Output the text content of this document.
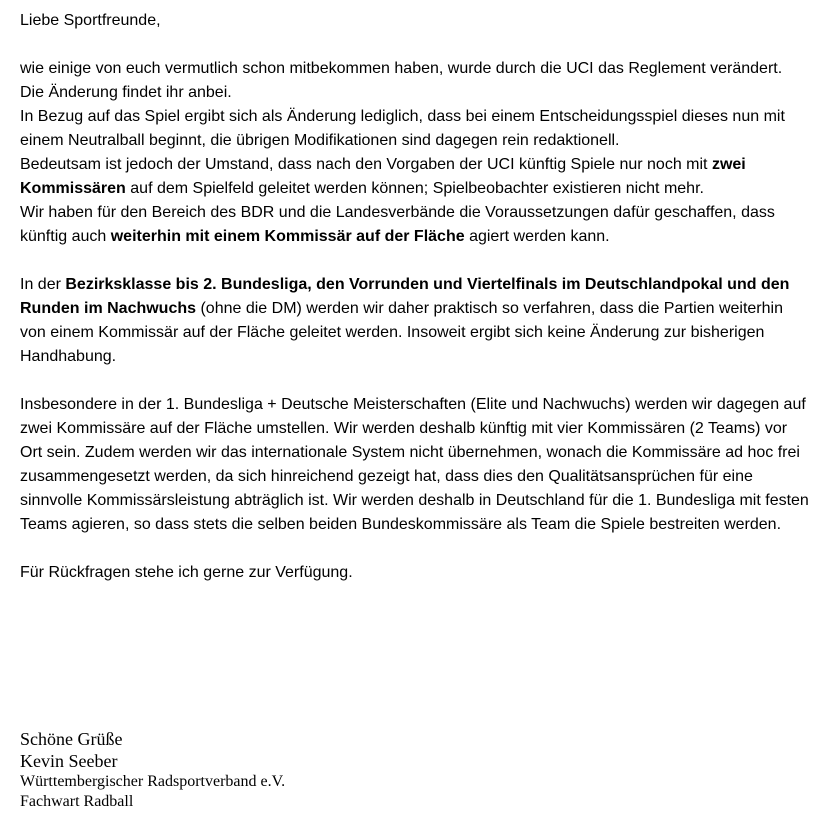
Liebe Sportfreunde,

wie einige von euch vermutlich schon mitbekommen haben, wurde durch die UCI das Reglement verändert. Die Änderung findet ihr anbei.

In Bezug auf das Spiel ergibt sich als Änderung lediglich, dass bei einem Entscheidungsspiel dieses nun mit einem Neutralball beginnt, die übrigen Modifikationen sind dagegen rein redaktionell.

Bedeutsam ist jedoch der Umstand, dass nach den Vorgaben der UCI künftig Spiele nur noch mit zwei Kommissären auf dem Spielfeld geleitet werden können; Spielbeobachter existieren nicht mehr.

Wir haben für den Bereich des BDR und die Landesverbände die Voraussetzungen dafür geschaffen, dass künftig auch weiterhin mit einem Kommissär auf der Fläche agiert werden kann.

In der Bezirksklasse bis 2. Bundesliga, den Vorrunden und Viertelfinals im Deutschlandpokal und den Runden im Nachwuchs (ohne die DM) werden wir daher praktisch so verfahren, dass die Partien weiterhin von einem Kommissär auf der Fläche geleitet werden. Insoweit ergibt sich keine Änderung zur bisherigen Handhabung.

Insbesondere in der 1. Bundesliga + Deutsche Meisterschaften (Elite und Nachwuchs) werden wir dagegen auf zwei Kommissäre auf der Fläche umstellen. Wir werden deshalb künftig mit vier Kommissären (2 Teams) vor Ort sein. Zudem werden wir das internationale System nicht übernehmen, wonach die Kommissäre ad hoc frei zusammengesetzt werden, da sich hinreichend gezeigt hat, dass dies den Qualitätsansprüchen für eine sinnvolle Kommissärsleistung abträglich ist. Wir werden deshalb in Deutschland für die 1. Bundesliga mit festen Teams agieren, so dass stets die selben beiden Bundeskommissäre als Team die Spiele bestreiten werden.

Für Rückfragen stehe ich gerne zur Verfügung.

Schöne Grüße
Kevin Seeber
Württembergischer Radsportverband e.V.
Fachwart Radball
